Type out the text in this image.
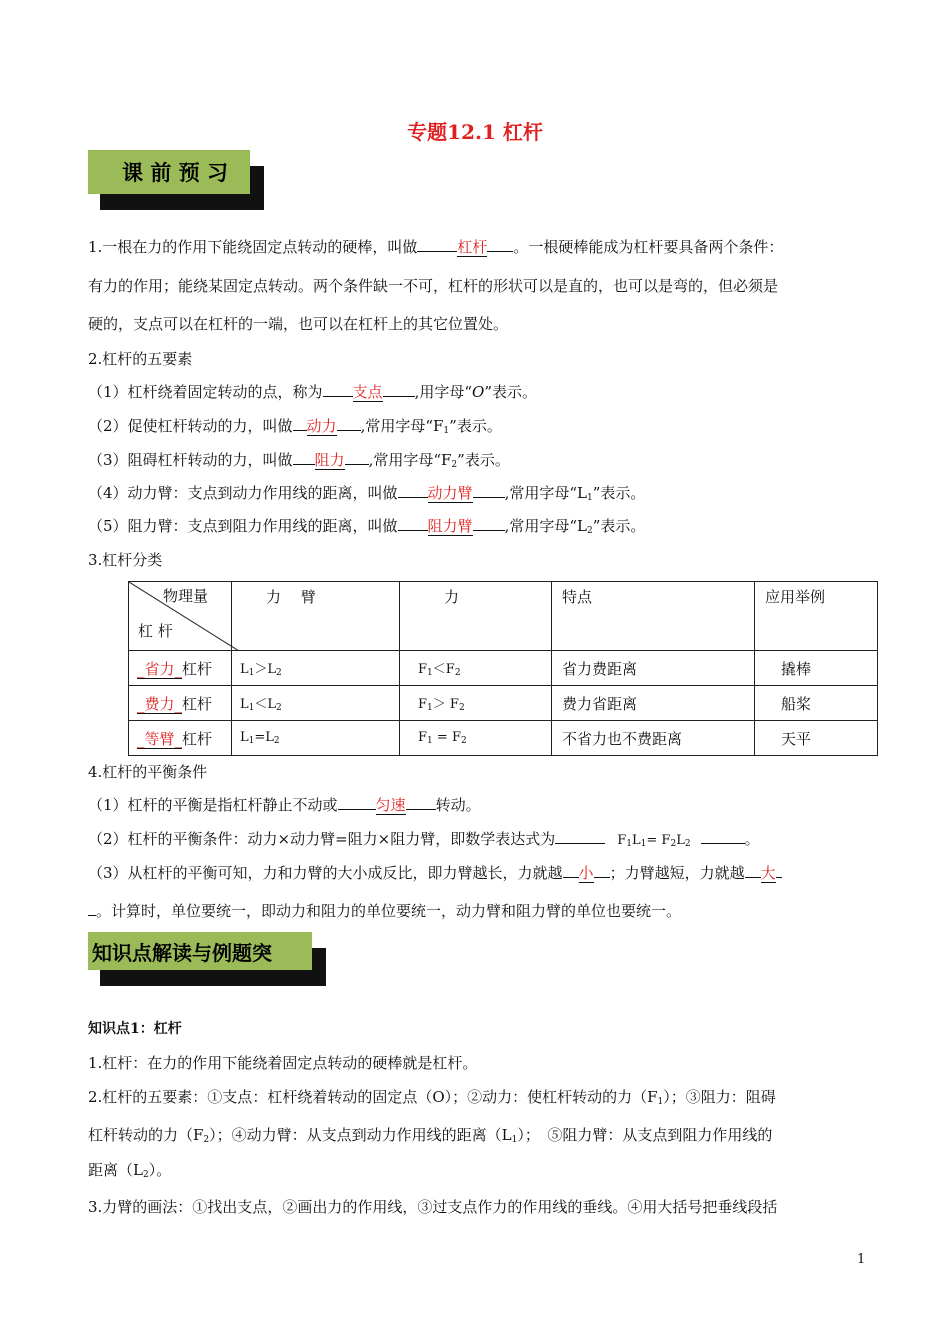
专题12.1 杠杆
课 前 预 习
1.一根在力的作用下能绕固定点转动的硬棒，叫做	杠杆 。一根硬棒能成为杠杆要具备两个条件：
有力的作用；能绕某固定点转动。两个条件缺一不可，杠杆的形状可以是直的，也可以是弯的，但必须是
硬的，支点可以在杠杆的一端，也可以在杠杆上的其它位置处。
2.杠杆的五要素
（1）杠杆绕着固定转动的点，称为 支点 ,用字母“O”表示。
（2）促使杠杆转动的力，叫做 动力 ,常用字母“$F_1$”表示。
（3）阻碍杠杆转动的力，叫做 阻力 ,常用字母“$F_2$”表示。
（4）动力臂：支点到动力作用线的距离，叫做 动力臂 ,常用字母“$L_1$”表示。
（5）阻力臂：支点到阻力作用线的距离，叫做 阻力臂 ,常用字母“$L_2$”表示。
3.杠杆分类
物理量
杠 杆	力　 臂	力	特点	应用举例
_省力_杠杆	$L_1>L_2$	$F_1<F_2$	省力费距离	撬棒
_费力_杠杆	$L_1<L_2$	$F_1> F_2$	费力省距离	船桨
_等臂_杠杆	$L_1=L_2$	$F_1 = F_2$	不省力也不费距离	天平
4.杠杆的平衡条件
（1）杠杆的平衡是指杠杆静止不动或	匀速 转动。
（2）杠杆的平衡条件：动力×动力臂=阻力×阻力臂，即数学表达式为	$F_1L_1= F_2L_2$	。
（3）从杠杆的平衡可知，力和力臂的大小成反比，即力臂越长，力就越 小 ；力臂越短，力就越 大
。计算时，单位要统一，即动力和阻力的单位要统一，动力臂和阻力臂的单位也要统一。
知识点解读与例题突
知识点1：杠杆
1.杠杆：在力的作用下能绕着固定点转动的硬棒就是杠杆。
2.杠杆的五要素：①支点：杠杆绕着转动的固定点（O）；②动力：使杠杆转动的力$(F_1)$；③阻力：阻碍
杠杆转动的力$(F_2)$；④动力臂：从支点到动力作用线的距离$(L_1)$；　⑤阻力臂：从支点到阻力作用线的
距离$(L_2)$。
3.力臂的画法：①找出支点，②画出力的作用线，③过支点作力的作用线的垂线。④用大括号把垂线段括
1
